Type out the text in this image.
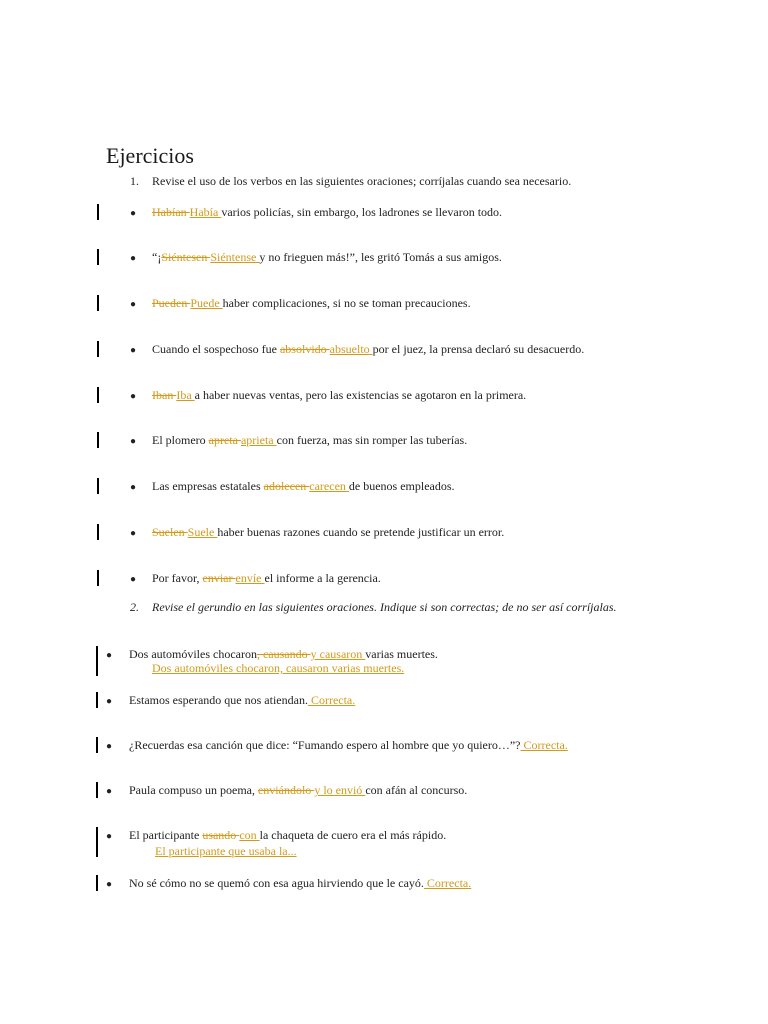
Ejercicios
1. Revise el uso de los verbos en las siguientes oraciones; corríjalas cuando sea necesario.
● Habían Había varios policías, sin embargo, los ladrones se llevaron todo.
● “¡Siéntesen Siéntense y no frieguen más!”, les gritó Tomás a sus amigos.
● Pueden Puede haber complicaciones, si no se toman precauciones.
● Cuando el sospechoso fue absolvido absuelto por el juez, la prensa declaró su desacuerdo.
● Iban Iba a haber nuevas ventas, pero las existencias se agotaron en la primera.
● El plomero apreta aprieta con fuerza, mas sin romper las tuberías.
● Las empresas estatales adolecen carecen de buenos empleados.
● Suelen Suele haber buenas razones cuando se pretende justificar un error.
● Por favor, enviar envíe el informe a la gerencia.
2. Revise el gerundio en las siguientes oraciones. Indique si son correctas; de no ser así corríjalas.
● Dos automóviles chocaron, causando y causaron varias muertes.
Dos automóviles chocaron, causaron varias muertes.
● Estamos esperando que nos atiendan. Correcta.
● ¿Recuerdas esa canción que dice: “Fumando espero al hombre que yo quiero…”? Correcta.
● Paula compuso un poema, enviándolo y lo envió con afán al concurso.
● El participante usando con la chaqueta de cuero era el más rápido.
El participante que usaba la...
● No sé cómo no se quemó con esa agua hirviendo que le cayó. Correcta.
